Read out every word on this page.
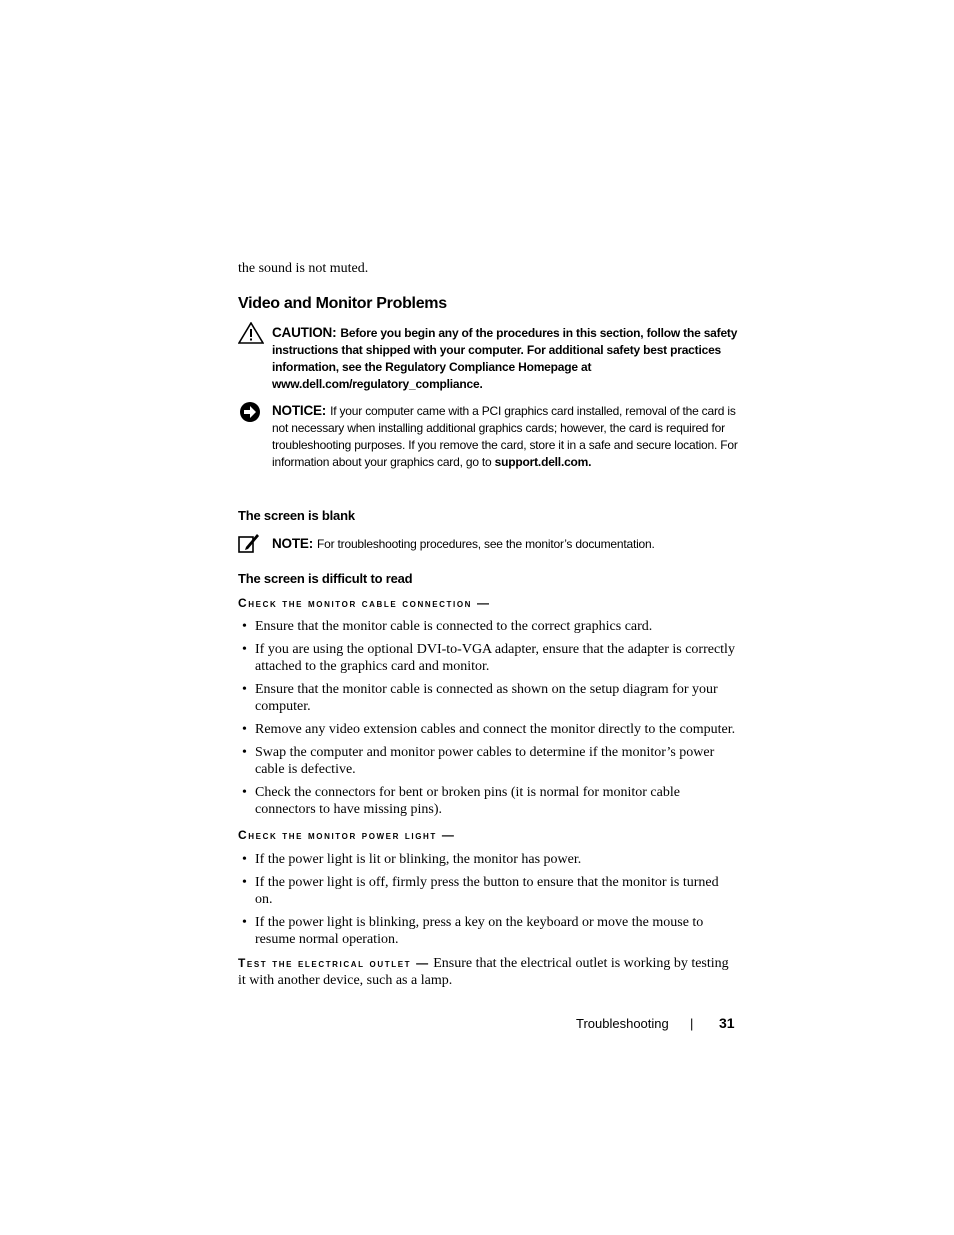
the sound is not muted.
Video and Monitor Problems
CAUTION: Before you begin any of the procedures in this section, follow the safety instructions that shipped with your computer. For additional safety best practices information, see the Regulatory Compliance Homepage at www.dell.com/regulatory_compliance.
NOTICE: If your computer came with a PCI graphics card installed, removal of the card is not necessary when installing additional graphics cards; however, the card is required for troubleshooting purposes. If you remove the card, store it in a safe and secure location. For information about your graphics card, go to support.dell.com.
The screen is blank
NOTE: For troubleshooting procedures, see the monitor’s documentation.
The screen is difficult to read
Check the monitor cable connection —
• Ensure that the monitor cable is connected to the correct graphics card.
• If you are using the optional DVI-to-VGA adapter, ensure that the adapter is correctly attached to the graphics card and monitor.
• Ensure that the monitor cable is connected as shown on the setup diagram for your computer.
• Remove any video extension cables and connect the monitor directly to the computer.
• Swap the computer and monitor power cables to determine if the monitor’s power cable is defective.
• Check the connectors for bent or broken pins (it is normal for monitor cable connectors to have missing pins).
Check the monitor power light —
• If the power light is lit or blinking, the monitor has power.
• If the power light is off, firmly press the button to ensure that the monitor is turned on.
• If the power light is blinking, press a key on the keyboard or move the mouse to resume normal operation.
Test the electrical outlet — Ensure that the electrical outlet is working by testing it with another device, such as a lamp.
Troubleshooting | 31
